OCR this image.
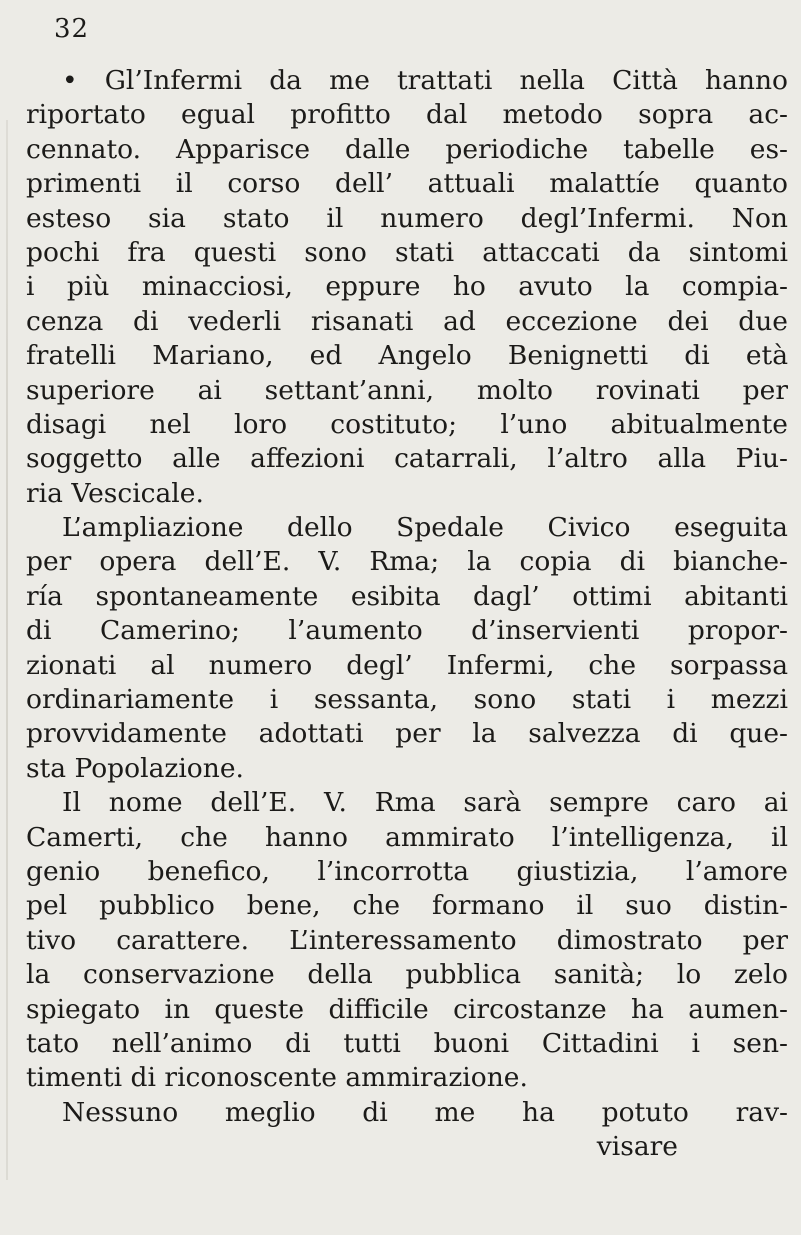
32
• Gl’Infermi da me trattati nella Città hanno
riportato egual profitto dal metodo sopra ac-
cennato. Apparisce dalle periodiche tabelle es-
primenti il corso dell’ attuali malattíe quanto
esteso sia stato il numero degl’Infermi. Non
pochi fra questi sono stati attaccati da sintomi
i più minacciosi, eppure ho avuto la compia-
cenza di vederli risanati ad eccezione dei due
fratelli Mariano, ed Angelo Benignetti di età
superiore ai settant’anni, molto rovinati per
disagi nel loro costituto; l’uno abitualmente
soggetto alle affezioni catarrali, l’altro alla Piu-
ria Vescicale.
L’ampliazione dello Spedale Civico eseguita
per opera dell’E. V. Rma; la copia di bianche-
ría spontaneamente esibita dagl’ ottimi abitanti
di Camerino; l’aumento d’inservienti propor-
zionati al numero degl’ Infermi, che sorpassa
ordinariamente i sessanta, sono stati i mezzi
provvidamente adottati per la salvezza di que-
sta Popolazione.
Il nome dell’E. V. Rma sarà sempre caro ai
Camerti, che hanno ammirato l’intelligenza, il
genio benefico, l’incorrotta giustizia, l’amore
pel pubblico bene, che formano il suo distin-
tivo carattere. L’interessamento dimostrato per
la conservazione della pubblica sanità; lo zelo
spiegato in queste difficile circostanze ha aumen-
tato nell’animo di tutti buoni Cittadini i sen-
timenti di riconoscente ammirazione.
Nessuno meglio di me ha potuto rav-
visare
